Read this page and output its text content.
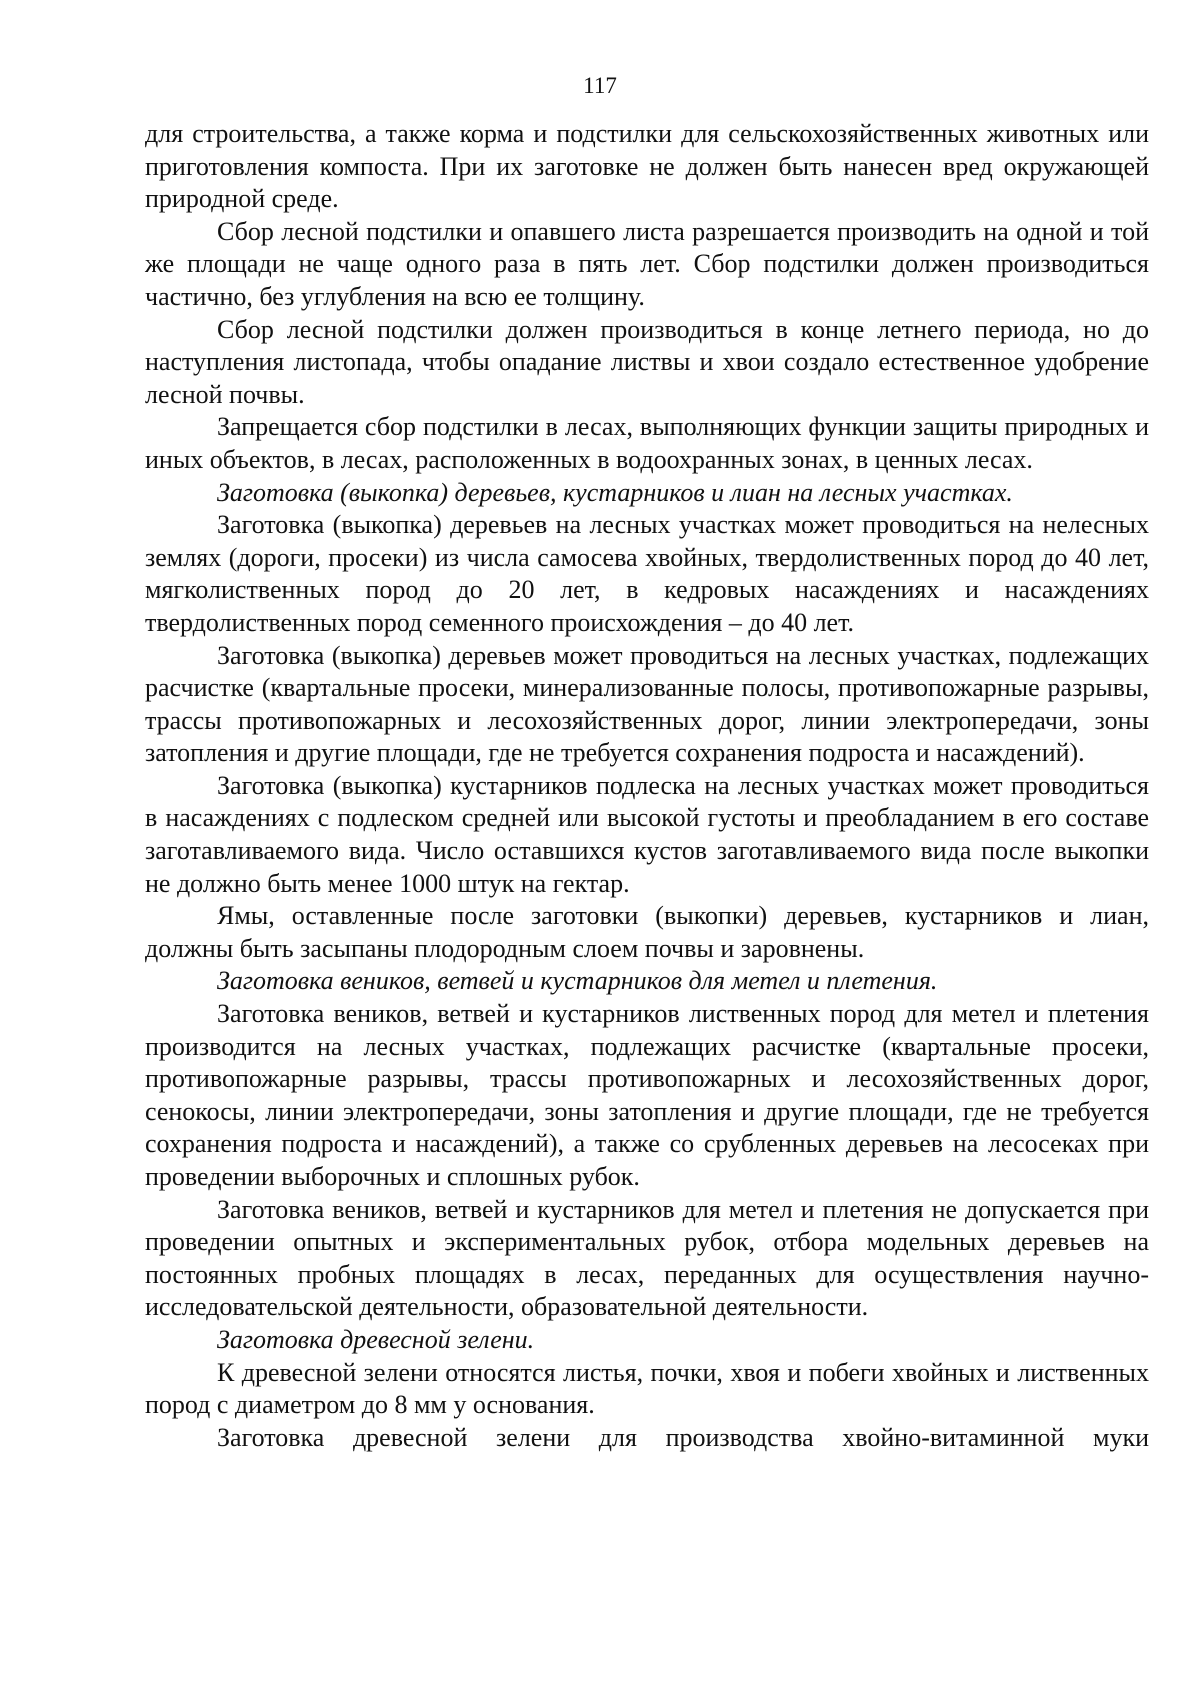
117

для строительства, а также корма и подстилки для сельскохозяйственных животных или приготовления компоста. При их заготовке не должен быть нанесен вред окружающей природной среде.

Сбор лесной подстилки и опавшего листа разрешается производить на одной и той же площади не чаще одного раза в пять лет. Сбор подстилки должен производиться частично, без углубления на всю ее толщину.

Сбор лесной подстилки должен производиться в конце летнего периода, но до наступления листопада, чтобы опадание листвы и хвои создало естественное удобрение лесной почвы.

Запрещается сбор подстилки в лесах, выполняющих функции защиты природных и иных объектов, в лесах, расположенных в водоохранных зонах, в ценных лесах.

Заготовка (выкопка) деревьев, кустарников и лиан на лесных участках.

Заготовка (выкопка) деревьев на лесных участках может проводиться на нелесных землях (дороги, просеки) из числа самосева хвойных, твердолиственных пород до 40 лет, мягколиственных пород до 20 лет, в кедровых насаждениях и насаждениях твердолиственных пород семенного происхождения – до 40 лет.

Заготовка (выкопка) деревьев может проводиться на лесных участках, подлежащих расчистке (квартальные просеки, минерализованные полосы, противопожарные разрывы, трассы противопожарных и лесохозяйственных дорог, линии электропередачи, зоны затопления и другие площади, где не требуется сохранения подроста и насаждений).

Заготовка (выкопка) кустарников подлеска на лесных участках может проводиться в насаждениях с подлеском средней или высокой густоты и преобладанием в его составе заготавливаемого вида. Число оставшихся кустов заготавливаемого вида после выкопки не должно быть менее 1000 штук на гектар.

Ямы, оставленные после заготовки (выкопки) деревьев, кустарников и лиан, должны быть засыпаны плодородным слоем почвы и заровнены.

Заготовка веников, ветвей и кустарников для метел и плетения.

Заготовка веников, ветвей и кустарников лиственных пород для метел и плетения производится на лесных участках, подлежащих расчистке (квартальные просеки, противопожарные разрывы, трассы противопожарных и лесохозяйственных дорог, сенокосы, линии электропередачи, зоны затопления и другие площади, где не требуется сохранения подроста и насаждений), а также со срубленных деревьев на лесосеках при проведении выборочных и сплошных рубок.

Заготовка веников, ветвей и кустарников для метел и плетения не допускается при проведении опытных и экспериментальных рубок, отбора модельных деревьев на постоянных пробных площадях в лесах, переданных для осуществления научно-исследовательской деятельности, образовательной деятельности.

Заготовка древесной зелени.

К древесной зелени относятся листья, почки, хвоя и побеги хвойных и лиственных пород с диаметром до 8 мм у основания.

Заготовка древесной зелени для производства хвойно-витаминной муки
